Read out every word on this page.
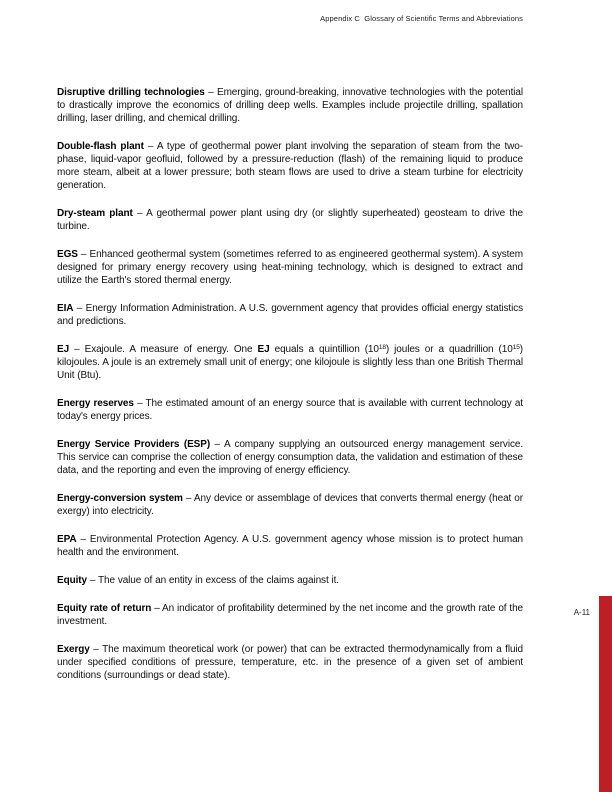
Appendix C  Glossary of Scientific Terms and Abbreviations

Disruptive drilling technologies – Emerging, ground-breaking, innovative technologies with the potential to drastically improve the economics of drilling deep wells. Examples include projectile drilling, spallation drilling, laser drilling, and chemical drilling.

Double-flash plant – A type of geothermal power plant involving the separation of steam from the two-phase, liquid-vapor geofluid, followed by a pressure-reduction (flash) of the remaining liquid to produce more steam, albeit at a lower pressure; both steam flows are used to drive a steam turbine for electricity generation.

Dry-steam plant – A geothermal power plant using dry (or slightly superheated) geosteam to drive the turbine.

EGS – Enhanced geothermal system (sometimes referred to as engineered geothermal system). A system designed for primary energy recovery using heat-mining technology, which is designed to extract and utilize the Earth's stored thermal energy.

EIA – Energy Information Administration. A U.S. government agency that provides official energy statistics and predictions.

EJ – Exajoule. A measure of energy. One EJ equals a quintillion $(10^{18})$ joules or a quadrillion $(10^{15})$ kilojoules. A joule is an extremely small unit of energy; one kilojoule is slightly less than one British Thermal Unit (Btu).

Energy reserves – The estimated amount of an energy source that is available with current technology at today's energy prices.

Energy Service Providers (ESP) – A company supplying an outsourced energy management service. This service can comprise the collection of energy consumption data, the validation and estimation of these data, and the reporting and even the improving of energy efficiency.

Energy-conversion system – Any device or assemblage of devices that converts thermal energy (heat or exergy) into electricity.

EPA – Environmental Protection Agency. A U.S. government agency whose mission is to protect human health and the environment.

Equity – The value of an entity in excess of the claims against it.

Equity rate of return – An indicator of profitability determined by the net income and the growth rate of the investment.

Exergy – The maximum theoretical work (or power) that can be extracted thermodynamically from a fluid under specified conditions of pressure, temperature, etc. in the presence of a given set of ambient conditions (surroundings or dead state).

A-11
